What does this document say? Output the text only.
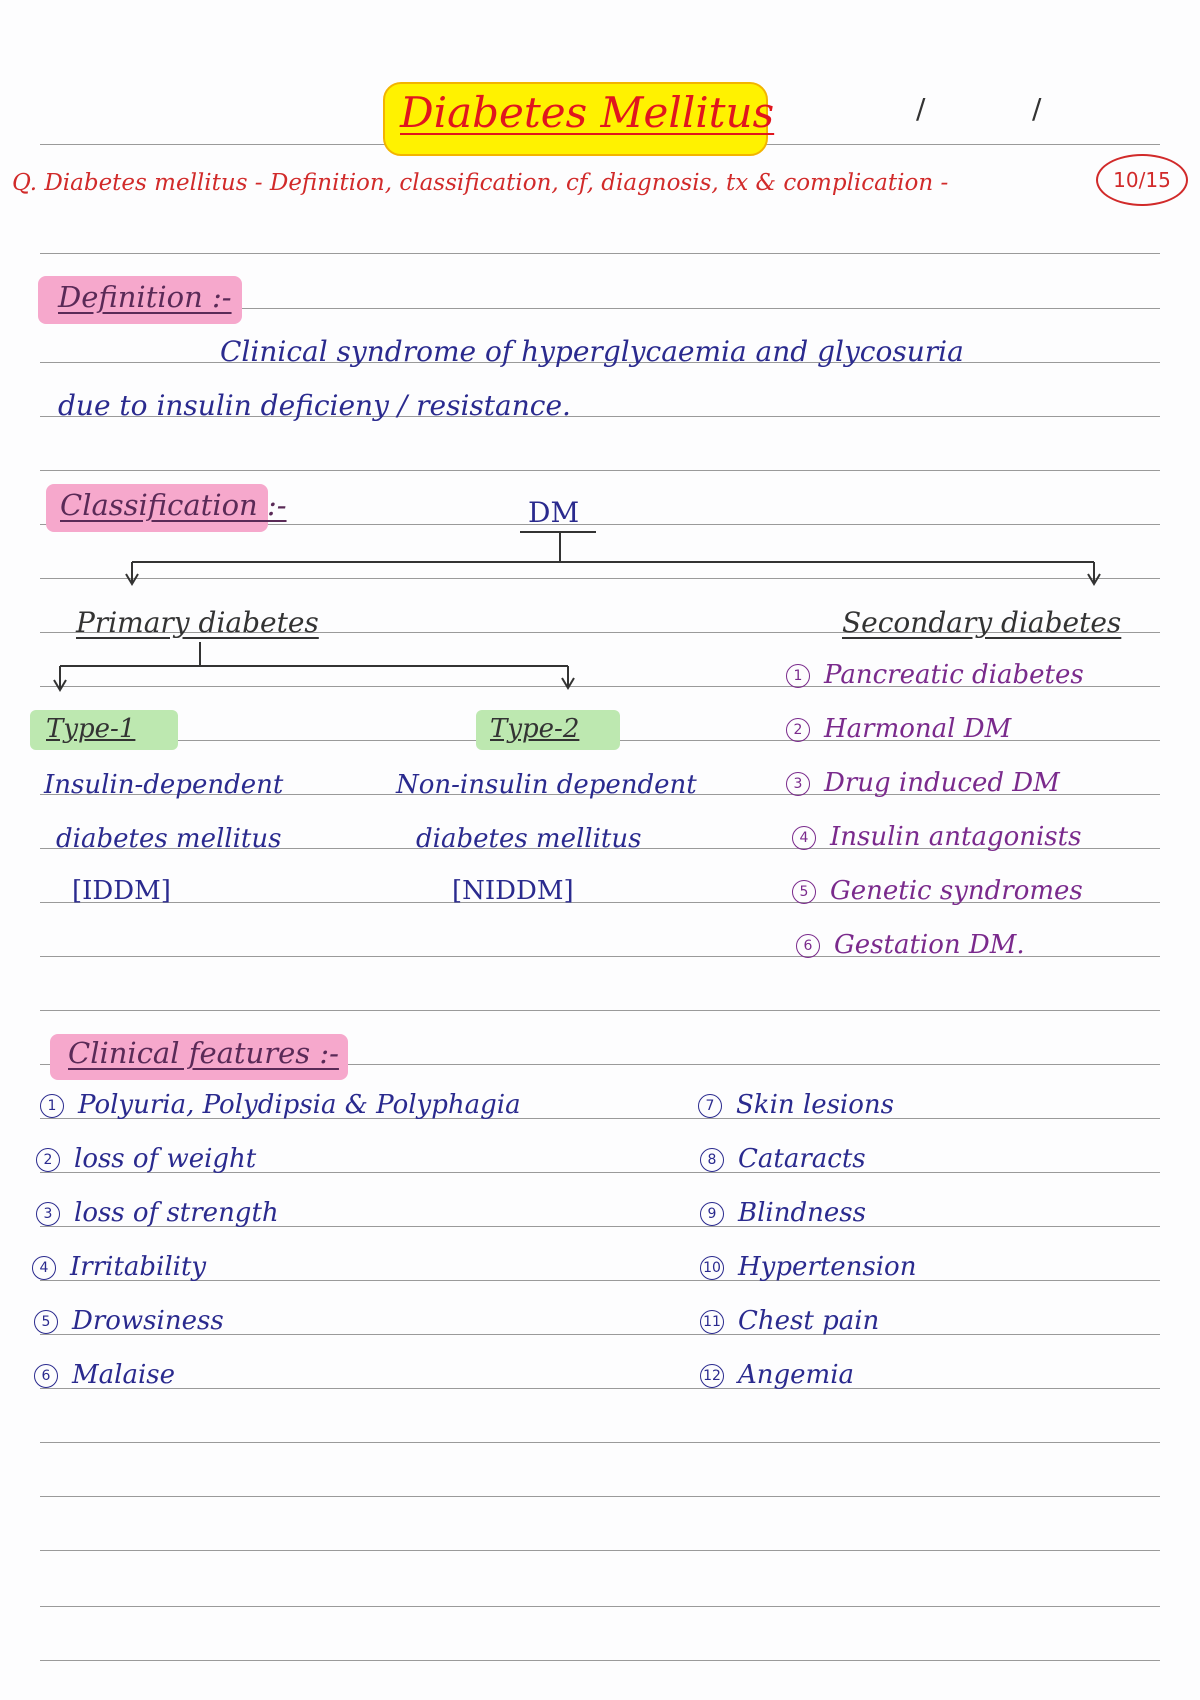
Diabetes Mellitus	/	/
Q. Diabetes mellitus - Definition, classification, cf, diagnosis, tx & complication -	10/15
Definition :-
Clinical syndrome of hyperglycaemia and glycosuria
due to insulin deficieny / resistance.
Classification :-	DM
Primary diabetes	Secondary diabetes
Type-1	Type-2
Insulin-dependent
diabetes mellitus
[IDDM]
Non-insulin dependent
diabetes mellitus
[NIDDM]
1 Pancreatic diabetes
2 Harmonal DM
3 Drug induced DM
4 Insulin antagonists
5 Genetic syndromes
6 Gestation DM.
Clinical features :-
1 Polyuria, Polydipsia & Polyphagia
2 loss of weight
3 loss of strength
4 Irritability
5 Drowsiness
6 Malaise
7 Skin lesions
8 Cataracts
9 Blindness
10 Hypertension
11 Chest pain
12 Angemia
